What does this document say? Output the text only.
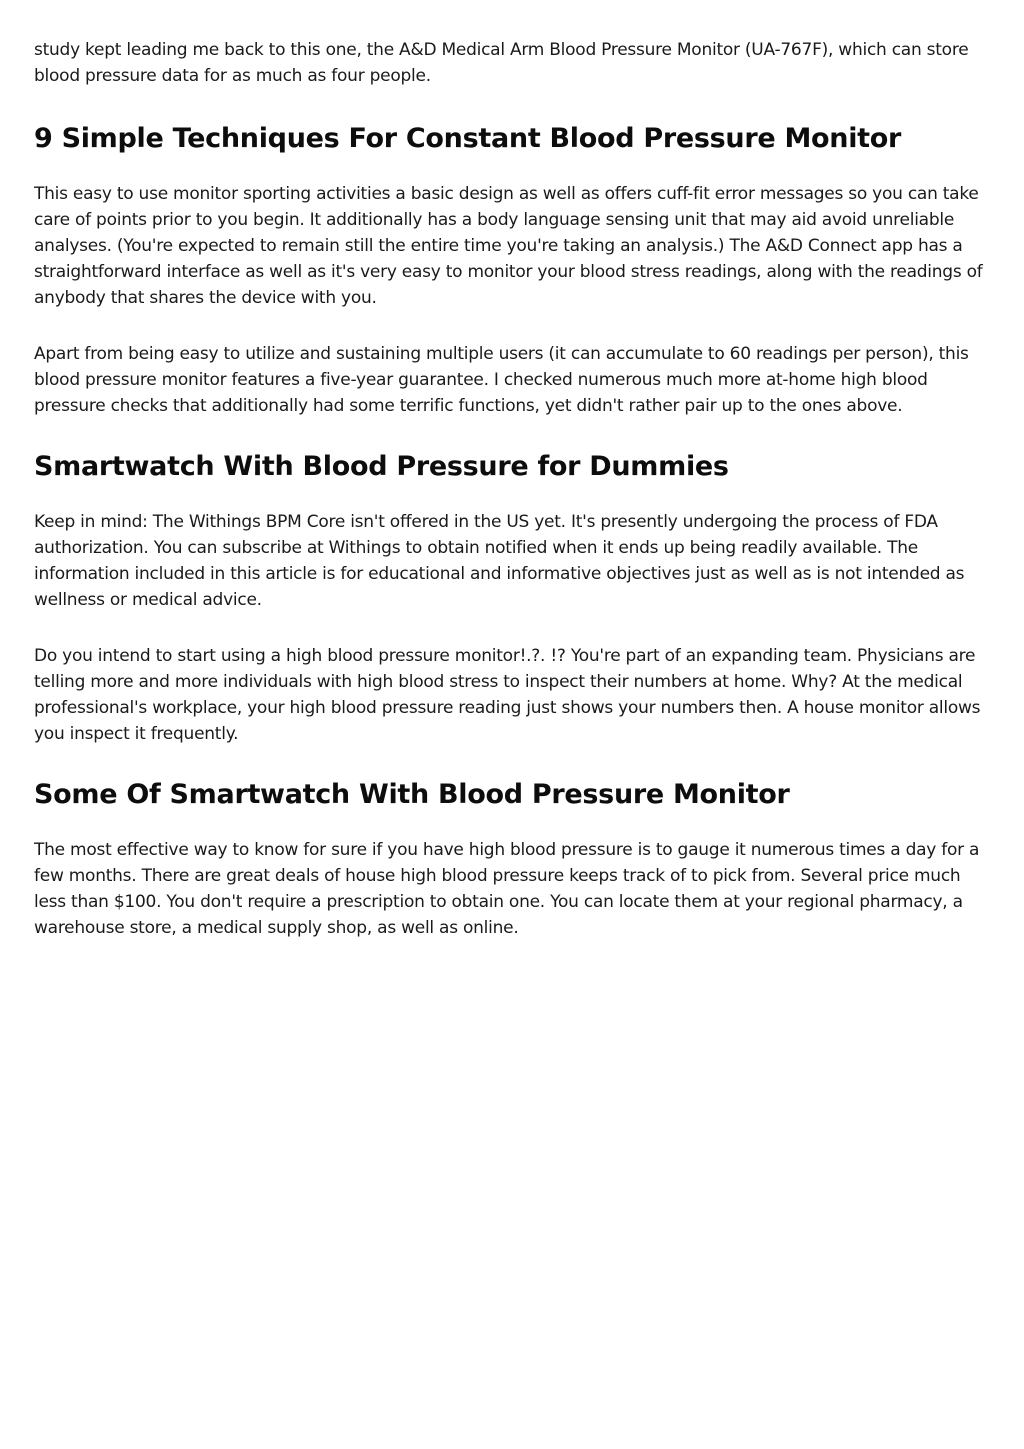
study kept leading me back to this one, the A&D Medical Arm Blood Pressure Monitor (UA-767F), which can store blood pressure data for as much as four people.

9 Simple Techniques For Constant Blood Pressure Monitor

This easy to use monitor sporting activities a basic design as well as offers cuff-fit error messages so you can take care of points prior to you begin. It additionally has a body language sensing unit that may aid avoid unreliable analyses. (You're expected to remain still the entire time you're taking an analysis.) The A&D Connect app has a straightforward interface as well as it's very easy to monitor your blood stress readings, along with the readings of anybody that shares the device with you.

Apart from being easy to utilize and sustaining multiple users (it can accumulate to 60 readings per person), this blood pressure monitor features a five-year guarantee. I checked numerous much more at-home high blood pressure checks that additionally had some terrific functions, yet didn't rather pair up to the ones above.

Smartwatch With Blood Pressure for Dummies

Keep in mind: The Withings BPM Core isn't offered in the US yet. It's presently undergoing the process of FDA authorization. You can subscribe at Withings to obtain notified when it ends up being readily available. The information included in this article is for educational and informative objectives just as well as is not intended as wellness or medical advice.

Do you intend to start using a high blood pressure monitor!.?. !? You're part of an expanding team. Physicians are telling more and more individuals with high blood stress to inspect their numbers at home. Why? At the medical professional's workplace, your high blood pressure reading just shows your numbers then. A house monitor allows you inspect it frequently.

Some Of Smartwatch With Blood Pressure Monitor

The most effective way to know for sure if you have high blood pressure is to gauge it numerous times a day for a few months. There are great deals of house high blood pressure keeps track of to pick from. Several price much less than $100. You don't require a prescription to obtain one. You can locate them at your regional pharmacy, a warehouse store, a medical supply shop, as well as online.
